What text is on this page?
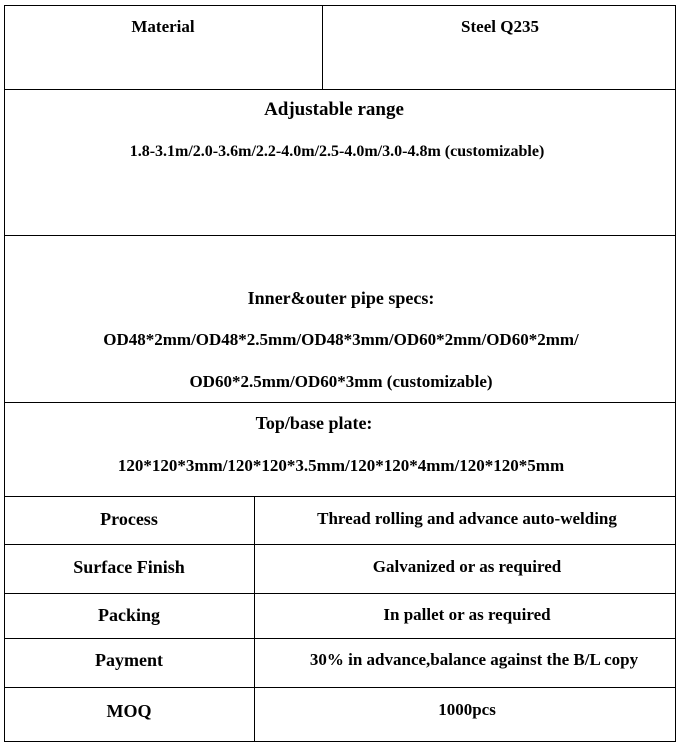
Material	Steel Q235
Adjustable range
1.8-3.1m/2.0-3.6m/2.2-4.0m/2.5-4.0m/3.0-4.8m (customizable)
Inner&outer pipe specs:
OD48*2mm/OD48*2.5mm/OD48*3mm/OD60*2mm/OD60*2mm/
OD60*2.5mm/OD60*3mm (customizable)
Top/base plate:
120*120*3mm/120*120*3.5mm/120*120*4mm/120*120*5mm
Process	Thread rolling and advance auto-welding
Surface Finish	Galvanized or as required
Packing	In pallet or as required
Payment	30% in advance,balance against the B/L copy
MOQ	1000pcs
